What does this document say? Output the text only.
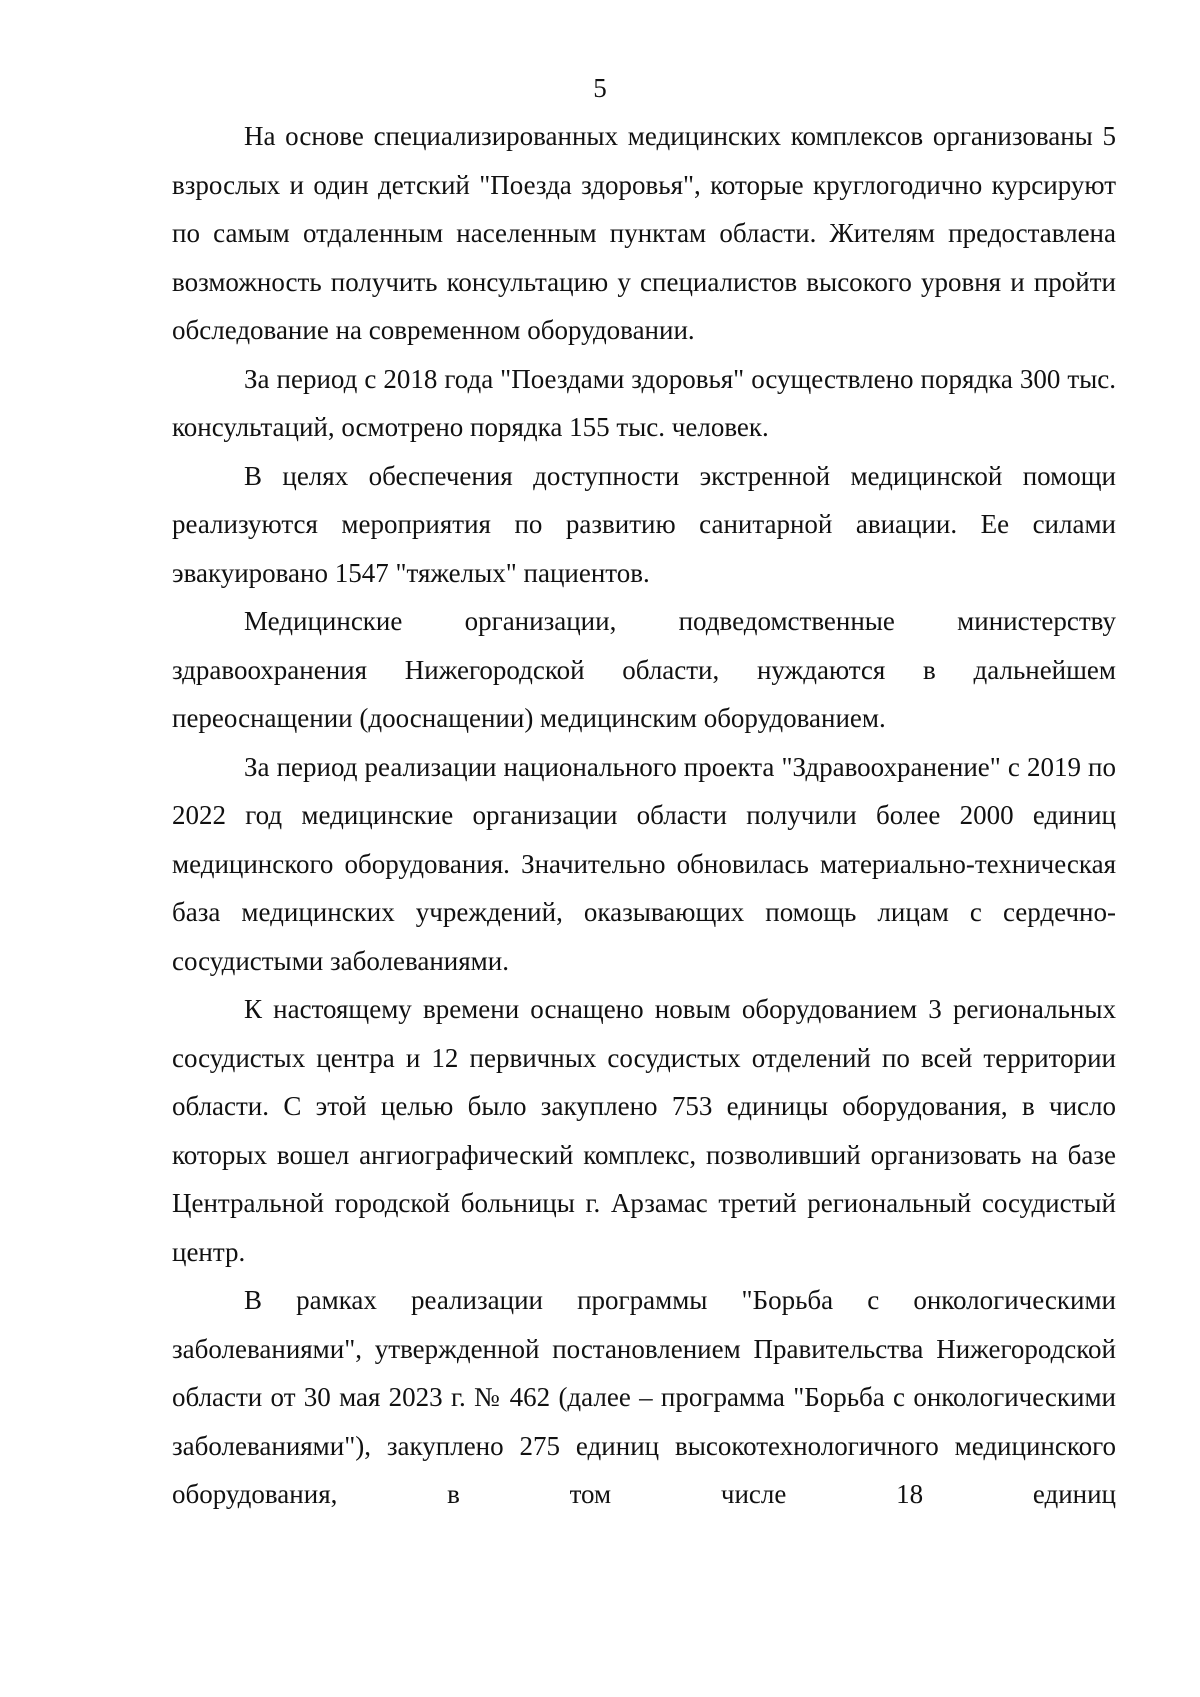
5

На основе специализированных медицинских комплексов организованы 5 взрослых и один детский "Поезда здоровья", которые круглогодично курсируют по самым отдаленным населенным пунктам области. Жителям предоставлена возможность получить консультацию у специалистов высокого уровня и пройти обследование на современном оборудовании.

За период с 2018 года "Поездами здоровья" осуществлено порядка 300 тыс. консультаций, осмотрено порядка 155 тыс. человек.

В целях обеспечения доступности экстренной медицинской помощи реализуются мероприятия по развитию санитарной авиации. Ее силами эвакуировано 1547 "тяжелых" пациентов.

Медицинские организации, подведомственные министерству здравоохранения Нижегородской области, нуждаются в дальнейшем переоснащении (дооснащении) медицинским оборудованием.

За период реализации национального проекта "Здравоохранение" с 2019 по 2022 год медицинские организации области получили более 2000 единиц медицинского оборудования. Значительно обновилась материально-техническая база медицинских учреждений, оказывающих помощь лицам с сердечно-сосудистыми заболеваниями.

К настоящему времени оснащено новым оборудованием 3 региональных сосудистых центра и 12 первичных сосудистых отделений по всей территории области. С этой целью было закуплено 753 единицы оборудования, в число которых вошел ангиографический комплекс, позволивший организовать на базе Центральной городской больницы г. Арзамас третий региональный сосудистый центр.

В рамках реализации программы "Борьба с онкологическими заболеваниями", утвержденной постановлением Правительства Нижегородской области от 30 мая 2023 г. № 462 (далее – программа "Борьба с онкологическими заболеваниями"), закуплено 275 единиц высокотехнологичного медицинского оборудования, в том числе 18 единиц
